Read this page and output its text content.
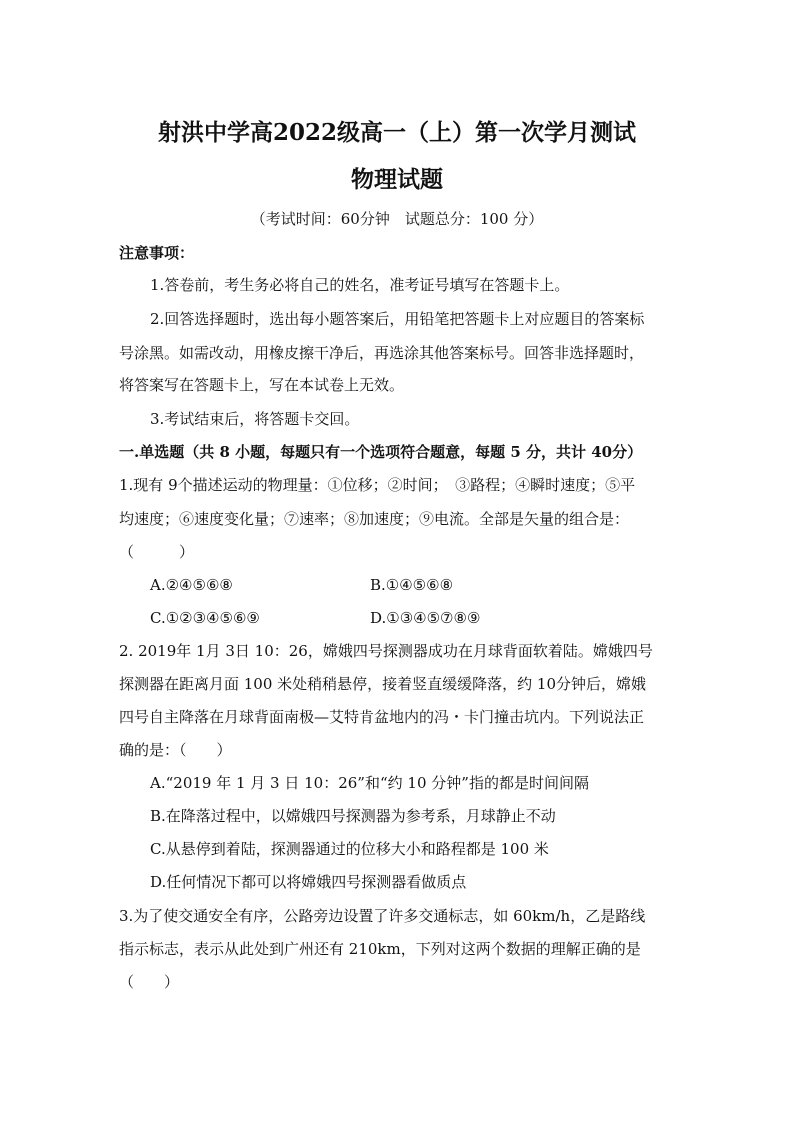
射洪中学高2022级高一（上）第一次学月测试
物理试题
（考试时间：60分钟　试题总分：100 分）
注意事项：
1.答卷前，考生务必将自己的姓名，准考证号填写在答题卡上。
2.回答选择题时，选出每小题答案后，用铅笔把答题卡上对应题目的答案标
号涂黑。如需改动，用橡皮擦干净后，再选涂其他答案标号。回答非选择题时，
将答案写在答题卡上，写在本试卷上无效。
3.考试结束后，将答题卡交回。
一.单选题（共 8 小题，每题只有一个选项符合题意，每题 5 分，共计 40分）
1.现有 9个描述运动的物理量：①位移；②时间；　③路程；④瞬时速度；⑤平
均速度；⑥速度变化量；⑦速率；⑧加速度；⑨电流。全部是矢量的组合是：
（　　　）
A.②④⑤⑥⑧	B.①④⑤⑥⑧
C.①②③④⑤⑥⑨	D.①③④⑤⑦⑧⑨
2. 2019年 1月 3日 10：26，嫦娥四号探测器成功在月球背面软着陆。嫦娥四号
探测器在距离月面 100 米处稍稍悬停，接着竖直缓缓降落，约 10分钟后，嫦娥
四号自主降落在月球背面南极—艾特肯盆地内的冯・卡门撞击坑内。下列说法正
确的是：（　　）
A.“2019 年 1 月 3 日 10：26”和“约 10 分钟”指的都是时间间隔
B.在降落过程中，以嫦娥四号探测器为参考系，月球静止不动
C.从悬停到着陆，探测器通过的位移大小和路程都是 100 米
D.任何情况下都可以将嫦娥四号探测器看做质点
3.为了使交通安全有序，公路旁边设置了许多交通标志，如 60km/h，乙是路线
指示标志，表示从此处到广州还有 210km，下列对这两个数据的理解正确的是
（　　）
